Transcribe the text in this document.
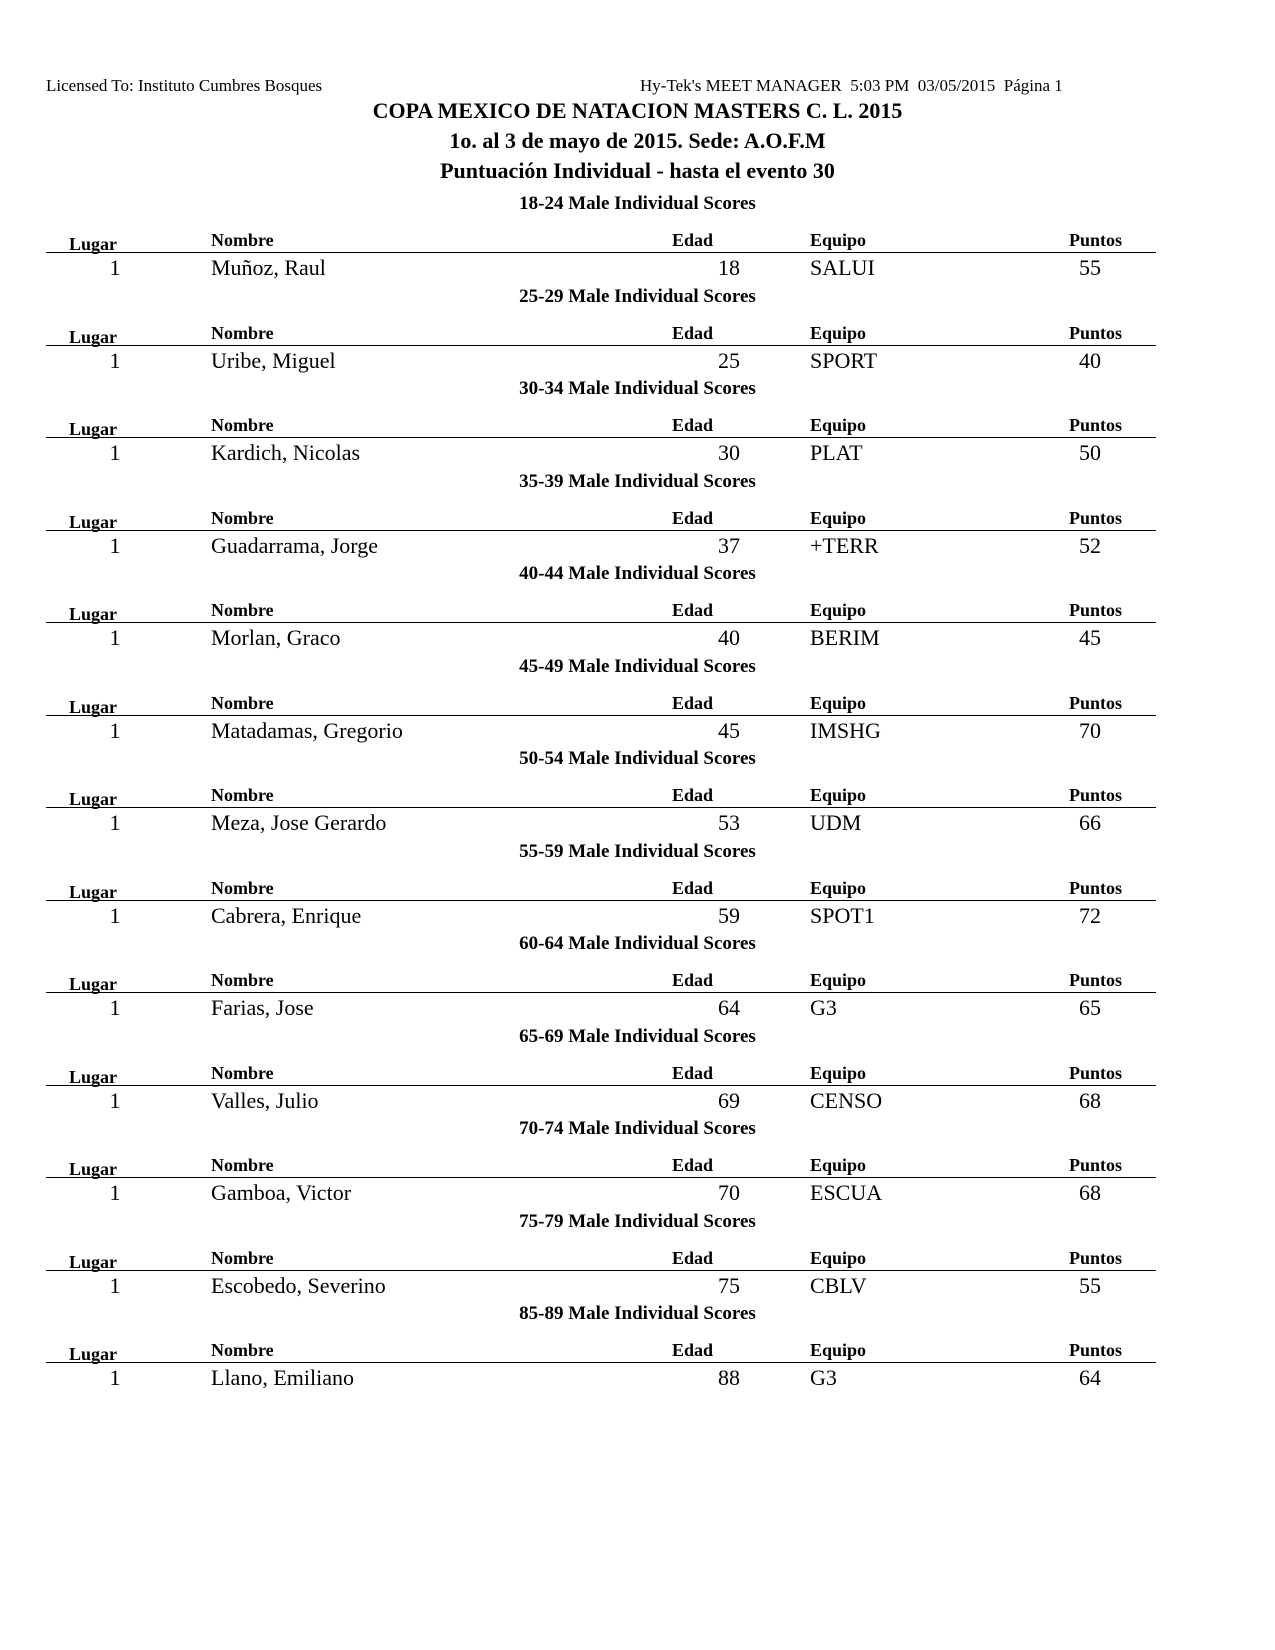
Licensed To: Instituto Cumbres Bosques	Hy-Tek's MEET MANAGER  5:03 PM  03/05/2015  Página 1
COPA MEXICO DE NATACION MASTERS C. L. 2015
1o. al 3 de mayo de 2015. Sede: A.O.F.M
Puntuación Individual - hasta el evento 30
18-24 Male Individual Scores
Lugar	Nombre	Edad	Equipo	Puntos
1	Muñoz, Raul	18	SALUI	55
25-29 Male Individual Scores
Lugar	Nombre	Edad	Equipo	Puntos
1	Uribe, Miguel	25	SPORT	40
30-34 Male Individual Scores
Lugar	Nombre	Edad	Equipo	Puntos
1	Kardich, Nicolas	30	PLAT	50
35-39 Male Individual Scores
Lugar	Nombre	Edad	Equipo	Puntos
1	Guadarrama, Jorge	37	+TERR	52
40-44 Male Individual Scores
Lugar	Nombre	Edad	Equipo	Puntos
1	Morlan, Graco	40	BERIM	45
45-49 Male Individual Scores
Lugar	Nombre	Edad	Equipo	Puntos
1	Matadamas, Gregorio	45	IMSHG	70
50-54 Male Individual Scores
Lugar	Nombre	Edad	Equipo	Puntos
1	Meza, Jose Gerardo	53	UDM	66
55-59 Male Individual Scores
Lugar	Nombre	Edad	Equipo	Puntos
1	Cabrera, Enrique	59	SPOT1	72
60-64 Male Individual Scores
Lugar	Nombre	Edad	Equipo	Puntos
1	Farias, Jose	64	G3	65
65-69 Male Individual Scores
Lugar	Nombre	Edad	Equipo	Puntos
1	Valles, Julio	69	CENSO	68
70-74 Male Individual Scores
Lugar	Nombre	Edad	Equipo	Puntos
1	Gamboa, Victor	70	ESCUA	68
75-79 Male Individual Scores
Lugar	Nombre	Edad	Equipo	Puntos
1	Escobedo, Severino	75	CBLV	55
85-89 Male Individual Scores
Lugar	Nombre	Edad	Equipo	Puntos
1	Llano, Emiliano	88	G3	64
